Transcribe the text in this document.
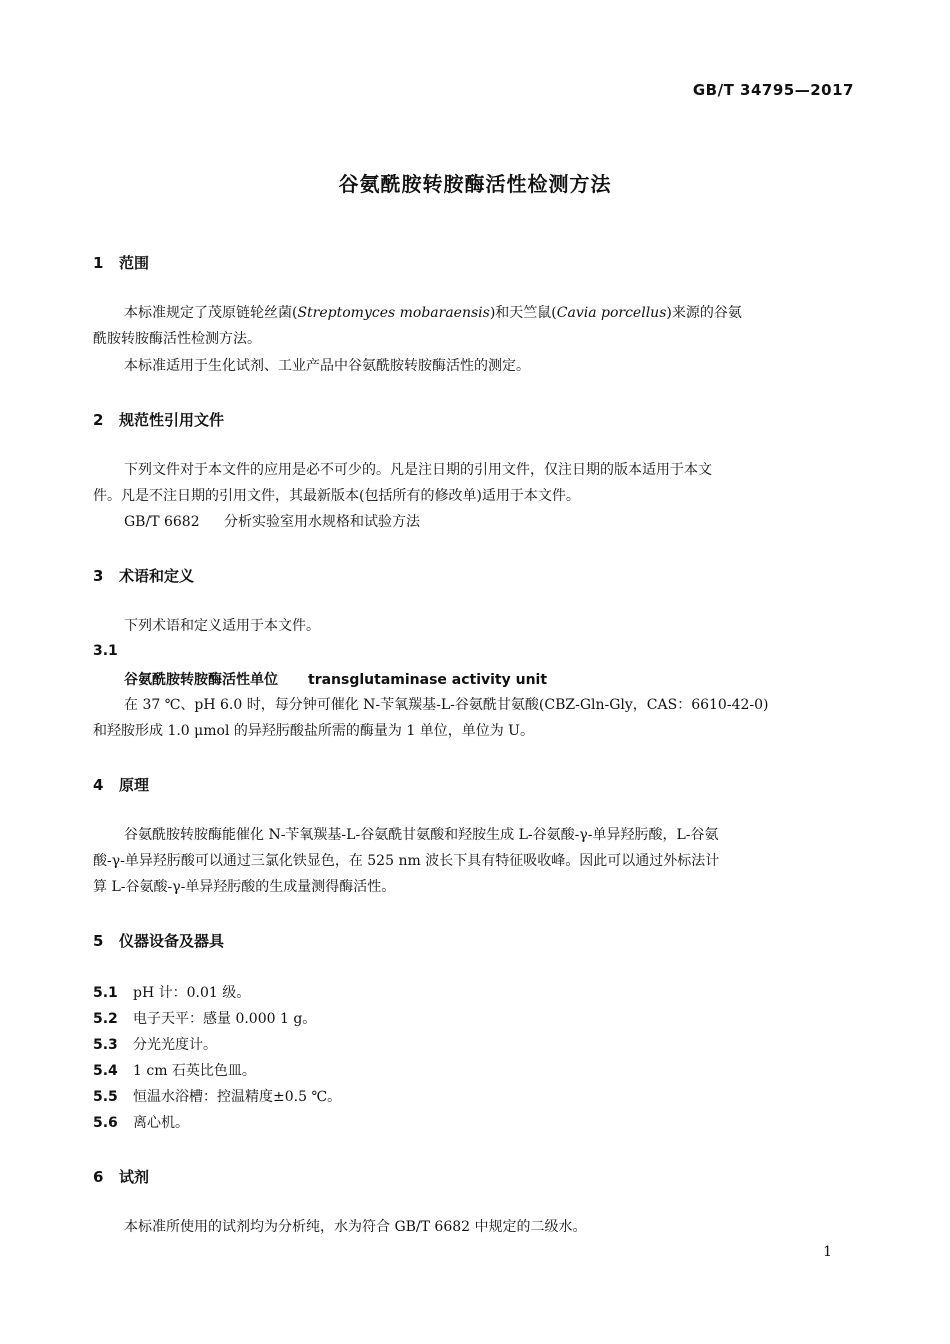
GB/T 34795—2017
谷氨酰胺转胺酶活性检测方法
1 范围

本标准规定了茂原链轮丝菌(Streptomyces mobaraensis)和天竺鼠(Cavia porcellus)来源的谷氨

酰胺转胺酶活性检测方法。

本标准适用于生化试剂、工业产品中谷氨酰胺转胺酶活性的测定。

2 规范性引用文件

下列文件对于本文件的应用是必不可少的。凡是注日期的引用文件，仅注日期的版本适用于本文

件。凡是不注日期的引用文件，其最新版本(包括所有的修改单)适用于本文件。

GB/T 6682 分析实验室用水规格和试验方法

3 术语和定义

下列术语和定义适用于本文件。

3.1
谷氨酰胺转胺酶活性单位 transglutaminase activity unit

在 37 ℃、pH 6.0 时，每分钟可催化 N-苄氧羰基-L-谷氨酰甘氨酸(CBZ-Gln-Gly，CAS：6610-42-0)

和羟胺形成 1.0 μmol 的异羟肟酸盐所需的酶量为 1 单位，单位为 U。

4 原理

谷氨酰胺转胺酶能催化 N-苄氧羰基-L-谷氨酰甘氨酸和羟胺生成 L-谷氨酸-γ-单异羟肟酸，L-谷氨

酸-γ-单异羟肟酸可以通过三氯化铁显色，在 525 nm 波长下具有特征吸收峰。因此可以通过外标法计

算 L-谷氨酸-γ-单异羟肟酸的生成量测得酶活性。

5 仪器设备及器具

5.1 pH 计：0.01 级。

5.2 电子天平：感量 0.000 1 g。

5.3 分光光度计。

5.4 1 cm 石英比色皿。

5.5 恒温水浴槽：控温精度±0.5 ℃。

5.6 离心机。

6 试剂

本标准所使用的试剂均为分析纯，水为符合 GB/T 6682 中规定的二级水。

1
